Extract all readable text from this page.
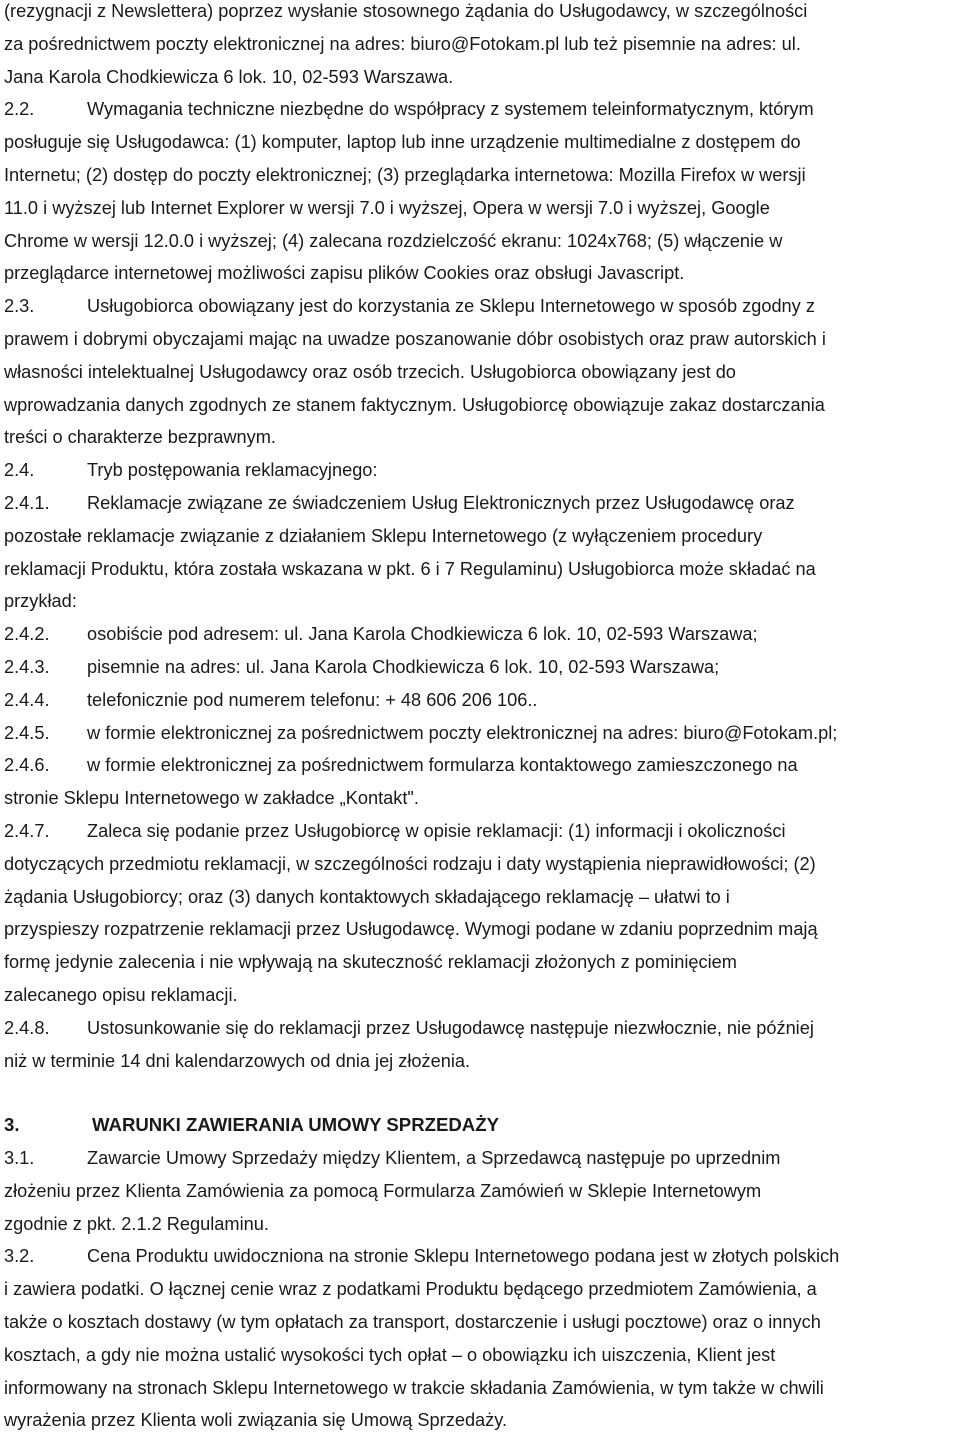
(rezygnacji z Newslettera) poprzez wysłanie stosownego żądania do Usługodawcy, w szczególności
za pośrednictwem poczty elektronicznej na adres: biuro@Fotokam.pl lub też pisemnie na adres: ul.
Jana Karola Chodkiewicza 6 lok. 10, 02-593 Warszawa.
2.2.	Wymagania techniczne niezbędne do współpracy z systemem teleinformatycznym, którym
posługuje się Usługodawca: (1) komputer, laptop lub inne urządzenie multimedialne z dostępem do
Internetu; (2) dostęp do poczty elektronicznej; (3) przeglądarka internetowa: Mozilla Firefox w wersji
11.0 i wyższej lub Internet Explorer w wersji 7.0 i wyższej, Opera w wersji 7.0 i wyższej, Google
Chrome w wersji 12.0.0 i wyższej; (4) zalecana rozdzielczość ekranu: 1024x768; (5) włączenie w
przeglądarce internetowej możliwości zapisu plików Cookies oraz obsługi Javascript.
2.3.	Usługobiorca obowiązany jest do korzystania ze Sklepu Internetowego w sposób zgodny z
prawem i dobrymi obyczajami mając na uwadze poszanowanie dóbr osobistych oraz praw autorskich i
własności intelektualnej Usługodawcy oraz osób trzecich. Usługobiorca obowiązany jest do
wprowadzania danych zgodnych ze stanem faktycznym. Usługobiorcę obowiązuje zakaz dostarczania
treści o charakterze bezprawnym.
2.4.	Tryb postępowania reklamacyjnego:
2.4.1. Reklamacje związane ze świadczeniem Usług Elektronicznych przez Usługodawcę oraz
pozostałe reklamacje związanie z działaniem Sklepu Internetowego (z wyłączeniem procedury
reklamacji Produktu, która została wskazana w pkt. 6 i 7 Regulaminu) Usługobiorca może składać na
przykład:
2.4.2. osobiście pod adresem: ul. Jana Karola Chodkiewicza 6 lok. 10, 02-593 Warszawa;
2.4.3. pisemnie na adres: ul. Jana Karola Chodkiewicza 6 lok. 10, 02-593 Warszawa;
2.4.4. telefonicznie pod numerem telefonu: + 48 606 206 106..
2.4.5. w formie elektronicznej za pośrednictwem poczty elektronicznej na adres: biuro@Fotokam.pl;
2.4.6. w formie elektronicznej za pośrednictwem formularza kontaktowego zamieszczonego na
stronie Sklepu Internetowego w zakładce „Kontakt".
2.4.7. Zaleca się podanie przez Usługobiorcę w opisie reklamacji: (1) informacji i okoliczności
dotyczących przedmiotu reklamacji, w szczególności rodzaju i daty wystąpienia nieprawidłowości; (2)
żądania Usługobiorcy; oraz (3) danych kontaktowych składającego reklamację – ułatwi to i
przyspieszy rozpatrzenie reklamacji przez Usługodawcę. Wymogi podane w zdaniu poprzednim mają
formę jedynie zalecenia i nie wpływają na skuteczność reklamacji złożonych z pominięciem
zalecanego opisu reklamacji.
2.4.8. Ustosunkowanie się do reklamacji przez Usługodawcę następuje niezwłocznie, nie później
niż w terminie 14 dni kalendarzowych od dnia jej złożenia.
3.	WARUNKI ZAWIERANIA UMOWY SPRZEDAŻY
3.1.	Zawarcie Umowy Sprzedaży między Klientem, a Sprzedawcą następuje po uprzednim
złożeniu przez Klienta Zamówienia za pomocą Formularza Zamówień w Sklepie Internetowym
zgodnie z pkt. 2.1.2 Regulaminu.
3.2.	Cena Produktu uwidoczniona na stronie Sklepu Internetowego podana jest w złotych polskich
i zawiera podatki. O łącznej cenie wraz z podatkami Produktu będącego przedmiotem Zamówienia, a
także o kosztach dostawy (w tym opłatach za transport, dostarczenie i usługi pocztowe) oraz o innych
kosztach, a gdy nie można ustalić wysokości tych opłat – o obowiązku ich uiszczenia, Klient jest
informowany na stronach Sklepu Internetowego w trakcie składania Zamówienia, w tym także w chwili
wyrażenia przez Klienta woli związania się Umową Sprzedaży.
